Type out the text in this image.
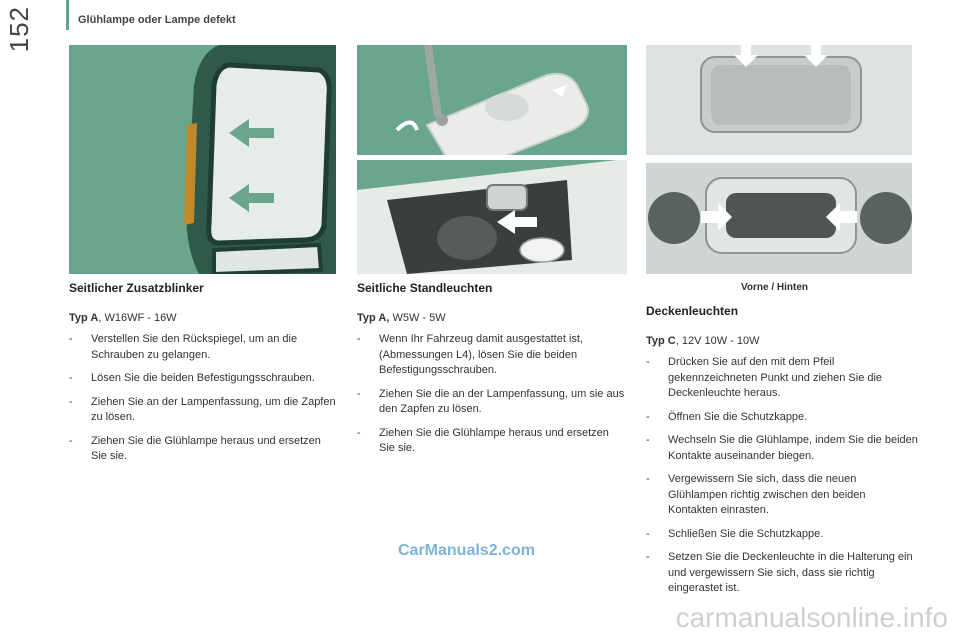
152	Glühlampe oder Lampe defekt
Vorne / Hinten
Seitlicher Zusatzblinker
Typ A, W16WF - 16W
- Verstellen Sie den Rückspiegel, um an die Schrauben zu gelangen.
- Lösen Sie die beiden Befestigungsschrauben.
- Ziehen Sie an der Lampenfassung, um die Zapfen zu lösen.
- Ziehen Sie die Glühlampe heraus und ersetzen Sie sie.
Seitliche Standleuchten
Typ A, W5W - 5W
- Wenn Ihr Fahrzeug damit ausgestattet ist, (Abmessungen L4), lösen Sie die beiden Befestigungsschrauben.
- Ziehen Sie die an der Lampenfassung, um sie aus den Zapfen zu lösen.
- Ziehen Sie die Glühlampe heraus und ersetzen Sie sie.
Deckenleuchten
Typ C, 12V 10W - 10W
- Drücken Sie auf den mit dem Pfeil gekennzeichneten Punkt und ziehen Sie die Deckenleuchte heraus.
- Öffnen Sie die Schutzkappe.
- Wechseln Sie die Glühlampe, indem Sie die beiden Kontakte auseinander biegen.
- Vergewissern Sie sich, dass die neuen Glühlampen richtig zwischen den beiden Kontakten einrasten.
- Schließen Sie die Schutzkappe.
- Setzen Sie die Deckenleuchte in die Halterung ein und vergewissern Sie sich, dass sie richtig eingerastet ist.
CarManuals2.com
carmanualsonline.info
